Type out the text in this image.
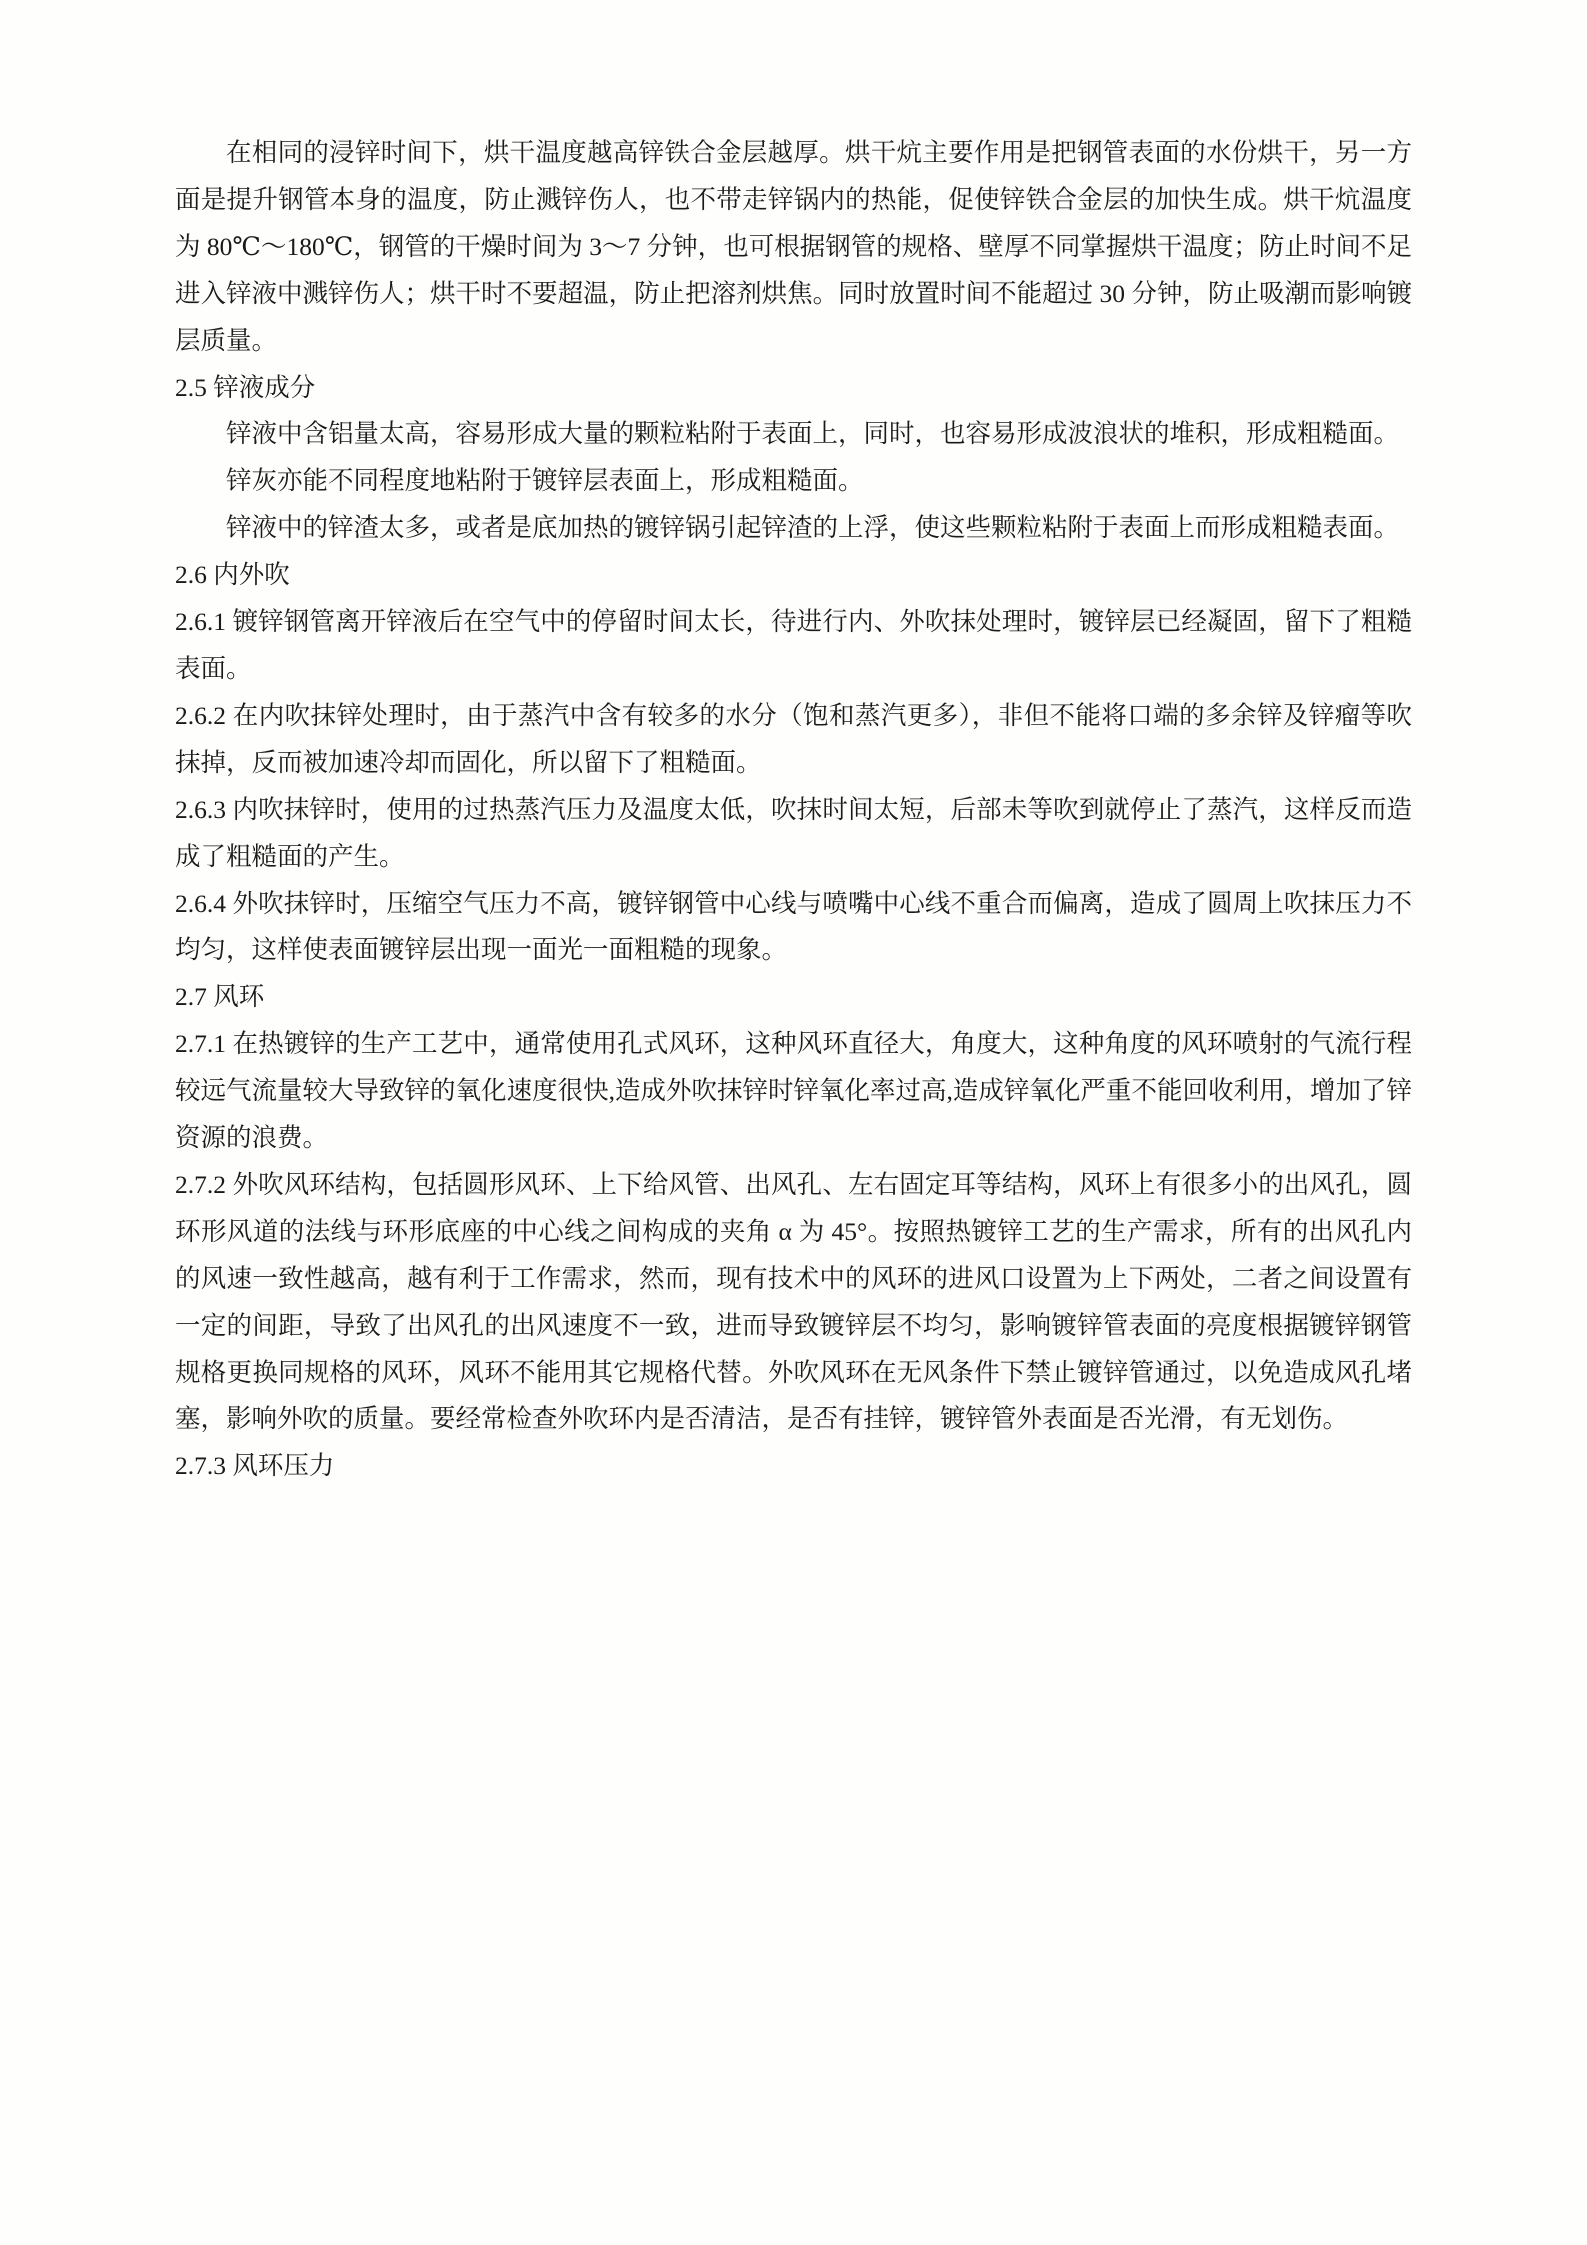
在相同的浸锌时间下，烘干温度越高锌铁合金层越厚。烘干炕主要作用是把钢管表面的水份烘干，另一方面是提升钢管本身的温度，防止溅锌伤人，也不带走锌锅内的热能，促使锌铁合金层的加快生成。烘干炕温度为 80℃～180℃，钢管的干燥时间为 3～7 分钟，也可根据钢管的规格、壁厚不同掌握烘干温度；防止时间不足进入锌液中溅锌伤人；烘干时不要超温，防止把溶剂烘焦。同时放置时间不能超过 30 分钟，防止吸潮而影响镀层质量。

2.5 锌液成分

锌液中含铝量太高，容易形成大量的颗粒粘附于表面上，同时，也容易形成波浪状的堆积，形成粗糙面。

锌灰亦能不同程度地粘附于镀锌层表面上，形成粗糙面。

锌液中的锌渣太多，或者是底加热的镀锌锅引起锌渣的上浮，使这些颗粒粘附于表面上而形成粗糙表面。

2.6 内外吹

2.6.1 镀锌钢管离开锌液后在空气中的停留时间太长，待进行内、外吹抹处理时，镀锌层已经凝固，留下了粗糙表面。

2.6.2 在内吹抹锌处理时，由于蒸汽中含有较多的水分（饱和蒸汽更多），非但不能将口端的多余锌及锌瘤等吹抹掉，反而被加速冷却而固化，所以留下了粗糙面。

2.6.3 内吹抹锌时，使用的过热蒸汽压力及温度太低，吹抹时间太短，后部未等吹到就停止了蒸汽，这样反而造成了粗糙面的产生。

2.6.4 外吹抹锌时，压缩空气压力不高，镀锌钢管中心线与喷嘴中心线不重合而偏离，造成了圆周上吹抹压力不均匀，这样使表面镀锌层出现一面光一面粗糙的现象。

2.7 风环

2.7.1 在热镀锌的生产工艺中，通常使用孔式风环，这种风环直径大，角度大，这种角度的风环喷射的气流行程较远气流量较大导致锌的氧化速度很快,造成外吹抹锌时锌氧化率过高,造成锌氧化严重不能回收利用，增加了锌资源的浪费。

2.7.2 外吹风环结构，包括圆形风环、上下给风管、出风孔、左右固定耳等结构，风环上有很多小的出风孔，圆环形风道的法线与环形底座的中心线之间构成的夹角 α 为 45°。按照热镀锌工艺的生产需求，所有的出风孔内的风速一致性越高，越有利于工作需求，然而，现有技术中的风环的进风口设置为上下两处，二者之间设置有一定的间距，导致了出风孔的出风速度不一致，进而导致镀锌层不均匀，影响镀锌管表面的亮度根据镀锌钢管规格更换同规格的风环，风环不能用其它规格代替。外吹风环在无风条件下禁止镀锌管通过，以免造成风孔堵塞，影响外吹的质量。要经常检查外吹环内是否清洁，是否有挂锌，镀锌管外表面是否光滑，有无划伤。

2.7.3 风环压力
